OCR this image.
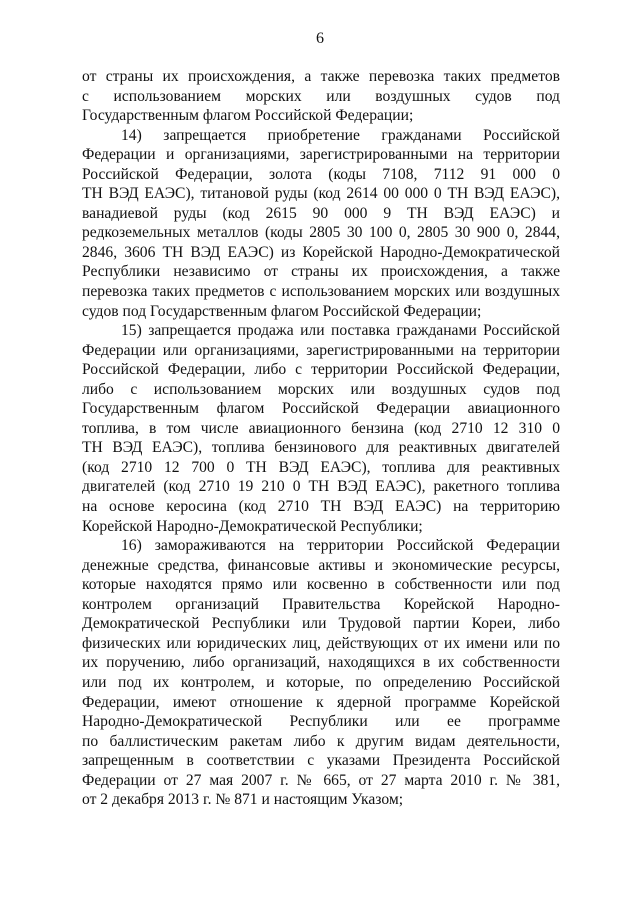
6
от страны их происхождения, а также перевозка таких предметов
с использованием морских или воздушных судов под
Государственным флагом Российской Федерации;
14) запрещается приобретение гражданами Российской
Федерации и организациями, зарегистрированными на территории
Российской Федерации, золота (коды 7108, 7112 91 000 0
ТН ВЭД ЕАЭС), титановой руды (код 2614 00 000 0 ТН ВЭД ЕАЭС),
ванадиевой руды (код 2615 90 000 9 ТН ВЭД ЕАЭС) и
редкоземельных металлов (коды 2805 30 100 0, 2805 30 900 0, 2844,
2846, 3606 ТН ВЭД ЕАЭС) из Корейской Народно-Демократической
Республики независимо от страны их происхождения, а также
перевозка таких предметов с использованием морских или воздушных
судов под Государственным флагом Российской Федерации;
15) запрещается продажа или поставка гражданами Российской
Федерации или организациями, зарегистрированными на территории
Российской Федерации, либо с территории Российской Федерации,
либо с использованием морских или воздушных судов под
Государственным флагом Российской Федерации авиационного
топлива, в том числе авиационного бензина (код 2710 12 310 0
ТН ВЭД ЕАЭС), топлива бензинового для реактивных двигателей
(код 2710 12 700 0 ТН ВЭД ЕАЭС), топлива для реактивных
двигателей (код 2710 19 210 0 ТН ВЭД ЕАЭС), ракетного топлива
на основе керосина (код 2710 ТН ВЭД ЕАЭС) на территорию
Корейской Народно-Демократической Республики;
16) замораживаются на территории Российской Федерации
денежные средства, финансовые активы и экономические ресурсы,
которые находятся прямо или косвенно в собственности или под
контролем организаций Правительства Корейской Народно-
Демократической Республики или Трудовой партии Кореи, либо
физических или юридических лиц, действующих от их имени или по
их поручению, либо организаций, находящихся в их собственности
или под их контролем, и которые, по определению Российской
Федерации, имеют отношение к ядерной программе Корейской
Народно-Демократической Республики или ее программе
по баллистическим ракетам либо к другим видам деятельности,
запрещенным в соответствии с указами Президента Российской
Федерации от 27 мая 2007 г. № 665, от 27 марта 2010 г. № 381,
от 2 декабря 2013 г. № 871 и настоящим Указом;
